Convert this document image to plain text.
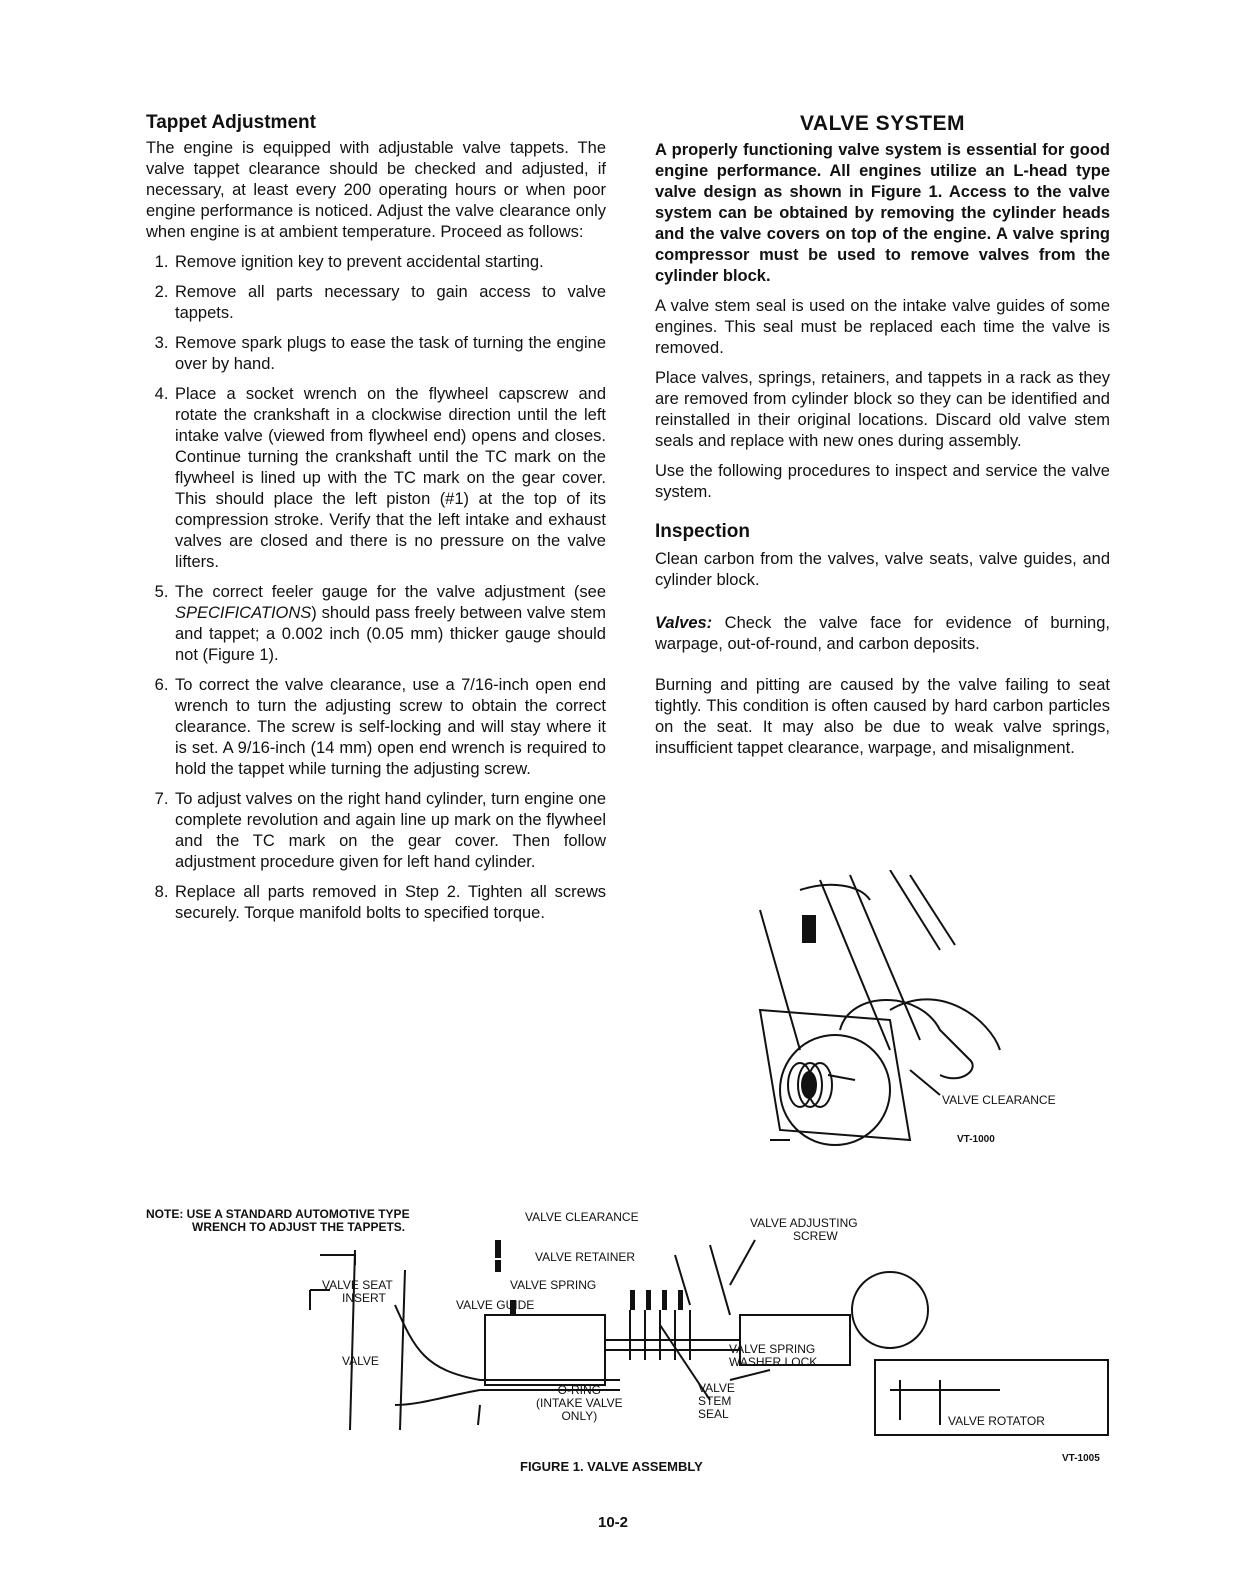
Tappet Adjustment

The engine is equipped with adjustable valve tappets. The valve tappet clearance should be checked and adjusted, if necessary, at least every 200 operating hours or when poor engine performance is noticed. Adjust the valve clearance only when engine is at ambient temperature. Proceed as follows:

1. Remove ignition key to prevent accidental starting.
2. Remove all parts necessary to gain access to valve tappets.
3. Remove spark plugs to ease the task of turning the engine over by hand.
4. Place a socket wrench on the flywheel capscrew and rotate the crankshaft in a clockwise direction until the left intake valve (viewed from flywheel end) opens and closes. Continue turning the crankshaft until the TC mark on the flywheel is lined up with the TC mark on the gear cover. This should place the left piston (#1) at the top of its compression stroke. Verify that the left intake and exhaust valves are closed and there is no pressure on the valve lifters.
5. The correct feeler gauge for the valve adjustment (see SPECIFICATIONS) should pass freely between valve stem and tappet; a 0.002 inch (0.05 mm) thicker gauge should not (Figure 1).
6. To correct the valve clearance, use a 7/16-inch open end wrench to turn the adjusting screw to obtain the correct clearance. The screw is self-locking and will stay where it is set. A 9/16-inch (14 mm) open end wrench is required to hold the tappet while turning the adjusting screw.
7. To adjust valves on the right hand cylinder, turn engine one complete revolution and again line up mark on the flywheel and the TC mark on the gear cover. Then follow adjustment procedure given for left hand cylinder.
8. Replace all parts removed in Step 2. Tighten all screws securely. Torque manifold bolts to specified torque.
VALVE SYSTEM

A properly functioning valve system is essential for good engine performance. All engines utilize an L-head type valve design as shown in Figure 1. Access to the valve system can be obtained by removing the cylinder heads and the valve covers on top of the engine. A valve spring compressor must be used to remove valves from the cylinder block.

A valve stem seal is used on the intake valve guides of some engines. This seal must be replaced each time the valve is removed.

Place valves, springs, retainers, and tappets in a rack as they are removed from cylinder block so they can be identified and reinstalled in their original locations. Discard old valve stem seals and replace with new ones during assembly.

Use the following procedures to inspect and service the valve system.

Inspection

Clean carbon from the valves, valve seats, valve guides, and cylinder block.

Valves: Check the valve face for evidence of burning, warpage, out-of-round, and carbon deposits.

Burning and pitting are caused by the valve failing to seat tightly. This condition is often caused by hard carbon particles on the seat. It may also be due to weak valve springs, insufficient tappet clearance, warpage, and misalignment.

VALVE CLEARANCE
VT-1000
NOTE: USE A STANDARD AUTOMOTIVE TYPE
WRENCH TO ADJUST THE TAPPETS.
VALVE CLEARANCE	VALVE ADJUSTING
SCREW
VALVE RETAINER
VALVE SEAT
INSERT
VALVE SPRING
VALVE GUIDE
VALVE
VALVE SPRING
WASHER LOCK
O-RING
(INTAKE VALVE
ONLY)
VALVE
STEM
SEAL	VALVE ROTATOR
FIGURE 1. VALVE ASSEMBLY
VT-1005
10-2
